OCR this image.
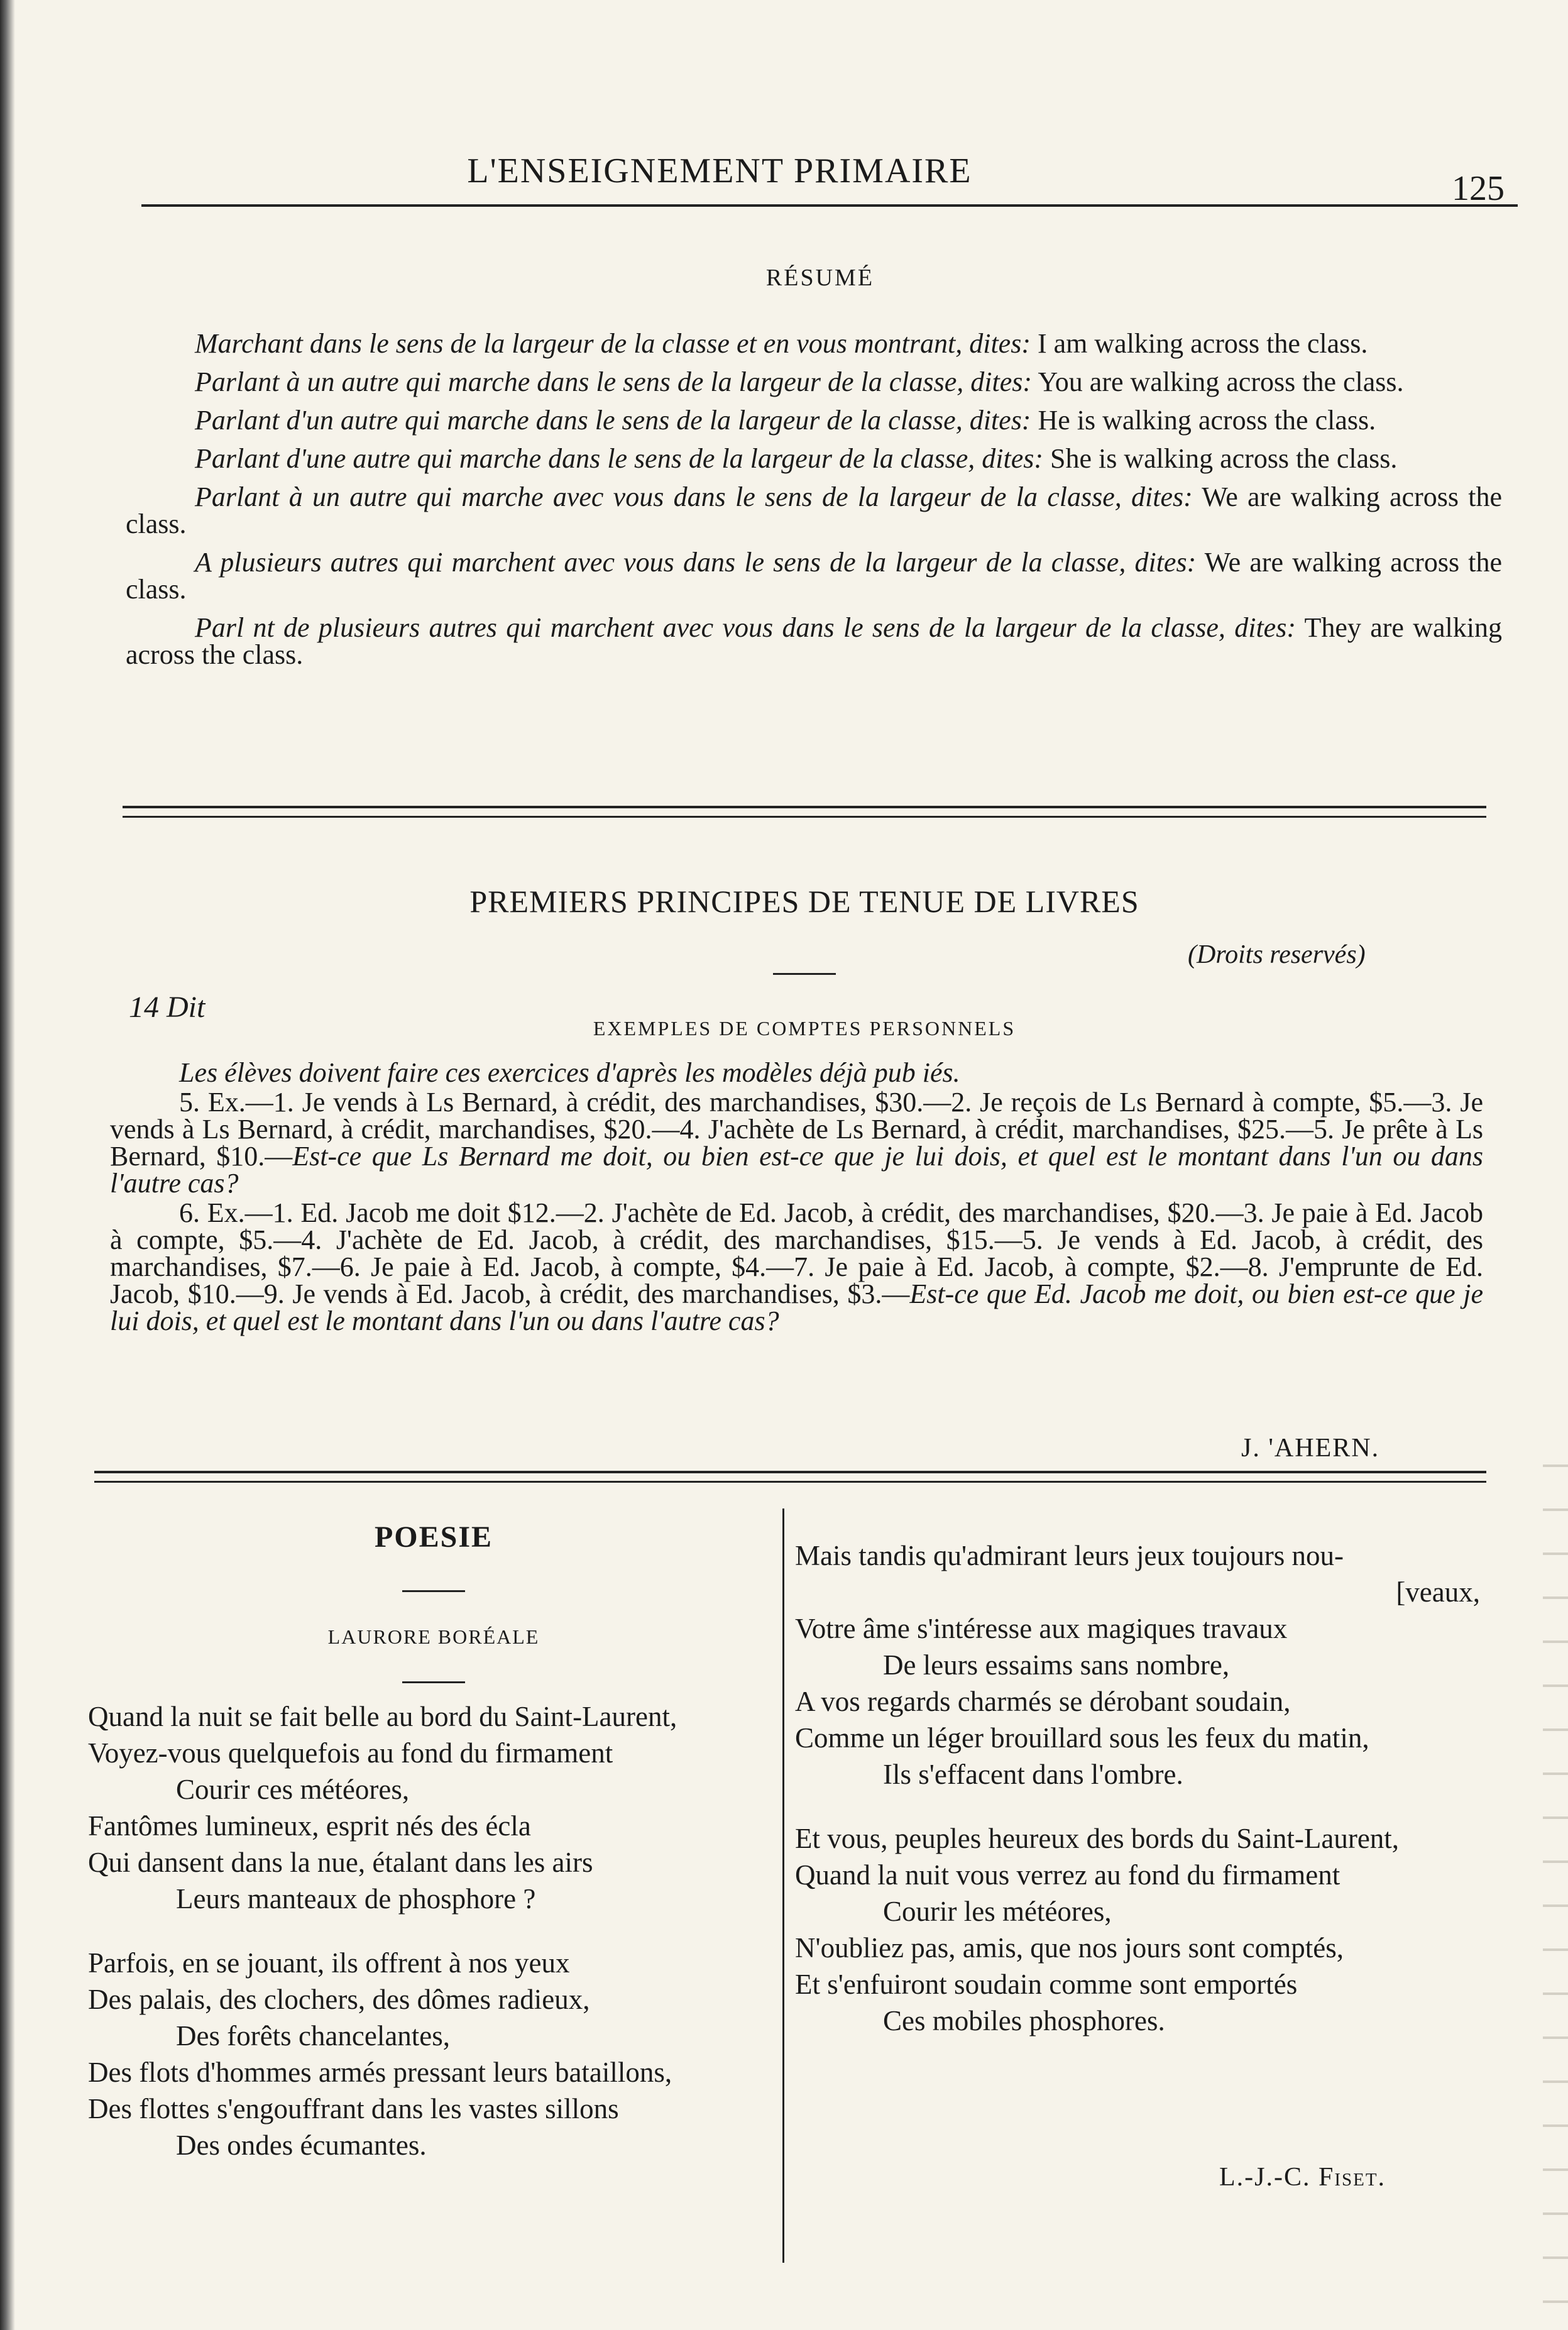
L'ENSEIGNEMENT PRIMAIRE	125
RÉSUMÉ
Marchant dans le sens de la largeur de la classe et en vous montrant, dites: I am walking across the class.
Parlant à un autre qui marche dans le sens de la largeur de la classe, dites: You are walking across the class.
Parlant d'un autre qui marche dans le sens de la largeur de la classe, dites: He is walking across the class.
Parlant d'une autre qui marche dans le sens de la largeur de la classe, dites: She is walking across the class.
Parlant à un autre qui marche avec vous dans le sens de la largeur de la classe, dites: We are walking across the class.
A plusieurs autres qui marchent avec vous dans le sens de la largeur de la classe, dites: We are walking across the class.
Parl nt de plusieurs autres qui marchent avec vous dans le sens de la largeur de la classe, dites: They are walking across the class.
PREMIERS PRINCIPES DE TENUE DE LIVRES
(Droits reservés)
14 Dit
EXEMPLES DE COMPTES PERSONNELS
Les élèves doivent faire ces exercices d'après les modèles déjà pub iés.
5. Ex.—1. Je vends à Ls Bernard, à crédit, des marchandises, $30.—2. Je reçois de Ls Bernard à compte, $5.—3. Je vends à Ls Bernard, à crédit, marchandises, $20.—4. J'achète de Ls Bernard, à crédit, marchandises, $25.—5. Je prête à Ls Bernard, $10.—Est-ce que Ls Bernard me doit, ou bien est-ce que je lui dois, et quel est le montant dans l'un ou dans l'autre cas?
6. Ex.—1. Ed. Jacob me doit $12.—2. J'achète de Ed. Jacob, à crédit, des marchandises, $20.—3. Je paie à Ed. Jacob à compte, $5.—4. J'achète de Ed. Jacob, à crédit, des marchandises, $15.—5. Je vends à Ed. Jacob, à crédit, des marchandises, $7.—6. Je paie à Ed. Jacob, à compte, $4.—7. Je paie à Ed. Jacob, à compte, $2.—8. J'emprunte de Ed. Jacob, $10.—9. Je vends à Ed. Jacob, à crédit, des marchandises, $3.—Est-ce que Ed. Jacob me doit, ou bien est-ce que je lui dois, et quel est le montant dans l'un ou dans l'autre cas?
J. 'AHERN.
POESIE
LAURORE BORÉALE
Quand la nuit se fait belle au bord du Saint-Laurent,
Voyez-vous quelquefois au fond du firmament
Courir ces météores,
Fantômes lumineux, esprit nés des écla
Qui dansent dans la nue, étalant dans les airs
Leurs manteaux de phosphore ?
Parfois, en se jouant, ils offrent à nos yeux
Des palais, des clochers, des dômes radieux,
Des forêts chancelantes,
Des flots d'hommes armés pressant leurs bataillons,
Des flottes s'engouffrant dans les vastes sillons
Des ondes écumantes.
Mais tandis qu'admirant leurs jeux toujours nou-
[veaux,
Votre âme s'intéresse aux magiques travaux
De leurs essaims sans nombre,
A vos regards charmés se dérobant soudain,
Comme un léger brouillard sous les feux du matin,
Ils s'effacent dans l'ombre.
Et vous, peuples heureux des bords du Saint-Laurent,
Quand la nuit vous verrez au fond du firmament
Courir les météores,
N'oubliez pas, amis, que nos jours sont comptés,
Et s'enfuiront soudain comme sont emportés
Ces mobiles phosphores.
L.-J.-C. Fiset.
